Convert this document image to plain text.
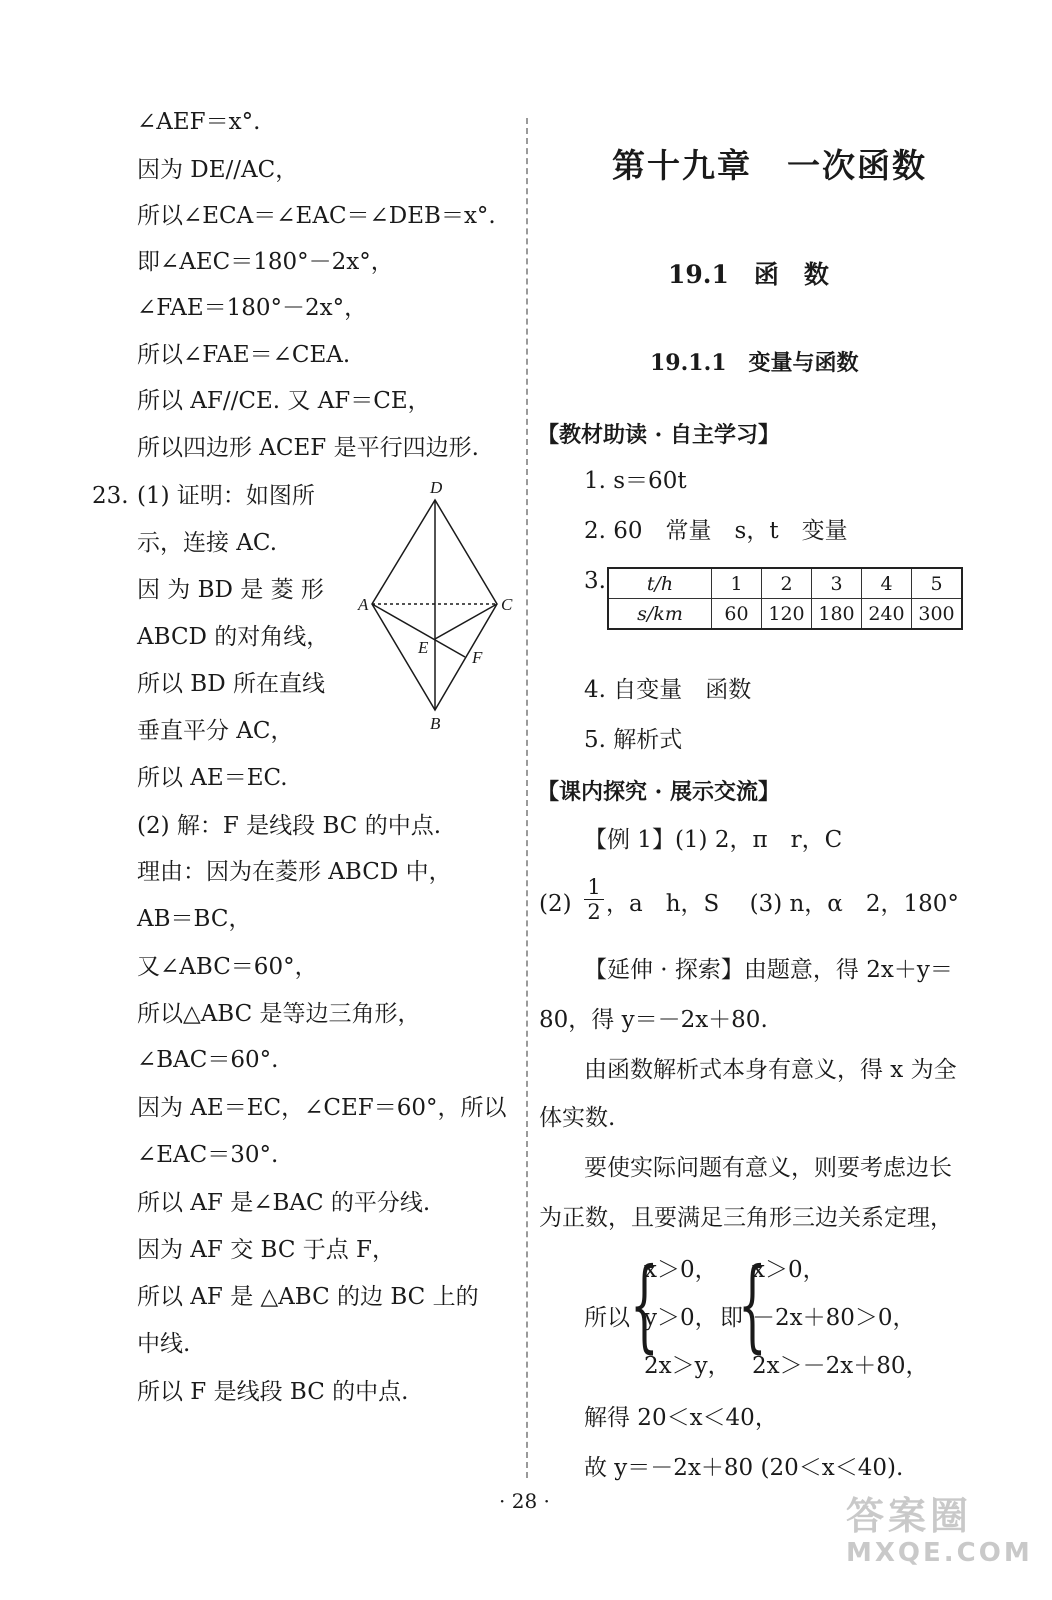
∠AEF＝x°.
因为 DE//AC，
所以∠ECA＝∠EAC＝∠DEB＝x°.
即∠AEC＝180°－2x°，
∠FAE＝180°－2x°，
所以∠FAE＝∠CEA.
所以 AF//CE. 又 AF＝CE，
所以四边形 ACEF 是平行四边形.
23. (1) 证明：如图所
示，连接 AC.
因 为 BD 是 菱 形
ABCD 的对角线，
所以 BD 所在直线
垂直平分 AC，
所以 AE＝EC.
(2) 解：F 是线段 BC 的中点.
理由：因为在菱形 ABCD 中，
AB＝BC，
又∠ABC＝60°，
所以△ABC 是等边三角形，
∠BAC＝60°.
因为 AE＝EC，∠CEF＝60°，所以
∠EAC＝30°.
所以 AF 是∠BAC 的平分线.
因为 AF 交 BC 于点 F，
所以 AF 是 △ABC 的边 BC 上的
中线.
所以 F 是线段 BC 的中点.
D
A	C
E
F
B
第十九章　一次函数
19.1　函　数
19.1.1　变量与函数
【教材助读 · 自主学习】
1. s＝60t
2. 60　常量　s，t　变量
3. t/h	1	2	3	4	5
s/km	60	120	180	240	300
4. 自变量　函数
5. 解析式
【课内探究 · 展示交流】
【例 1】(1) 2，π　r，C
(2)
1
2 ，a　h，S　 (3) n，α　2，180°
【延伸 · 探索】由题意，得 2x＋y＝
80，得 y＝－2x＋80.
由函数解析式本身有意义，得 x 为全
体实数.
要使实际问题有意义，则要考虑边长
为正数，且要满足三角形三边关系定理，
所以 {
x＞0，
y＞0，
2x＞y，
即
{
x＞0，
－2x＋80＞0，
2x＞－2x＋80，
解得 20＜x＜40，
故 y＝－2x＋80 (20＜x＜40).
· 28 ·	答案圈
MXQE.COM
